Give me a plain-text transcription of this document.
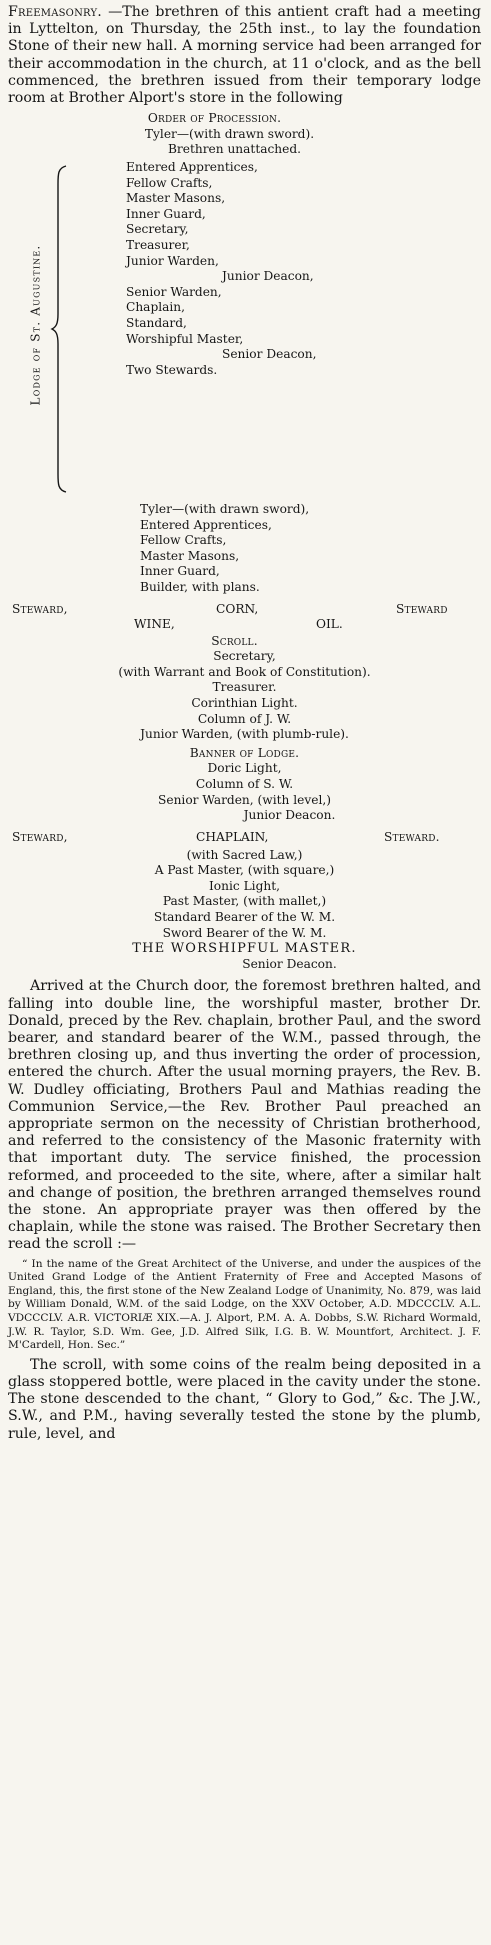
Freemasonry. —The brethren of this antient craft had a meeting in Lyttelton, on Thursday, the 25th inst., to lay the foundation Stone of their new hall. A morning service had been arranged for their accommodation in the church, at 11 o'clock, and as the bell commenced, the brethren issued from their temporary lodge room at Brother Alport's store in the following

Order of Procession.
Tyler—(with drawn sword).
Brethren unattached.
Lodge of St. Augustine.
Entered Apprentices,
Fellow Crafts,
Master Masons,
Inner Guard,
Secretary,
Treasurer,
Junior Warden,
Junior Deacon,
Senior Warden,
Chaplain,
Standard,
Worshipful Master,
Senior Deacon,
Two Stewards.
Tyler—(with drawn sword),
Entered Apprentices,
Fellow Crafts,
Master Masons,
Inner Guard,
Builder, with plans.
Steward,	CORN,	Steward
WINE,	OIL.
Scroll.
Secretary,
(with Warrant and Book of Constitution).
Treasurer.
Corinthian Light.
Column of J. W.
Junior Warden, (with plumb-rule).
Banner of Lodge.
Doric Light,
Column of S. W.
Senior Warden, (with level,)
Junior Deacon.
Steward,	CHAPLAIN,	Steward.
(with Sacred Law,)
A Past Master, (with square,)
Ionic Light,
Past Master, (with mallet,)
Standard Bearer of the W. M.
Sword Bearer of the W. M.
THE WORSHIPFUL MASTER.
Senior Deacon.

Arrived at the Church door, the foremost brethren halted, and falling into double line, the worshipful master, brother Dr. Donald, preced by the Rev. chaplain, brother Paul, and the sword bearer, and standard bearer of the W.M., passed through, the brethren closing up, and thus inverting the order of procession, entered the church. After the usual morning prayers, the Rev. B. W. Dudley officiating, Brothers Paul and Mathias reading the Communion Service,—the Rev. Brother Paul preached an appropriate sermon on the necessity of Christian brotherhood, and referred to the consistency of the Masonic fraternity with that important duty. The service finished, the procession reformed, and proceeded to the site, where, after a similar halt and change of position, the brethren arranged themselves round the stone. An appropriate prayer was then offered by the chaplain, while the stone was raised. The Brother Secretary then read the scroll :—

“ In the name of the Great Architect of the Universe, and under the auspices of the United Grand Lodge of the Antient Fraternity of Free and Accepted Masons of England, this, the first stone of the New Zealand Lodge of Unanimity, No. 879, was laid by William Donald, W.M. of the said Lodge, on the XXV October, A.D. MDCCCLV. A.L. VDCCCLV. A.R. VICTORIÆ XIX.—A. J. Alport, P.M. A. A. Dobbs, S.W. Richard Wormald, J.W. R. Taylor, S.D. Wm. Gee, J.D. Alfred Silk, I.G. B. W. Mountfort, Architect. J. F. M'Cardell, Hon. Sec.”

The scroll, with some coins of the realm being deposited in a glass stoppered bottle, were placed in the cavity under the stone. The stone descended to the chant, “ Glory to God,” &c. The J.W., S.W., and P.M., having severally tested the stone by the plumb, rule, level, and
